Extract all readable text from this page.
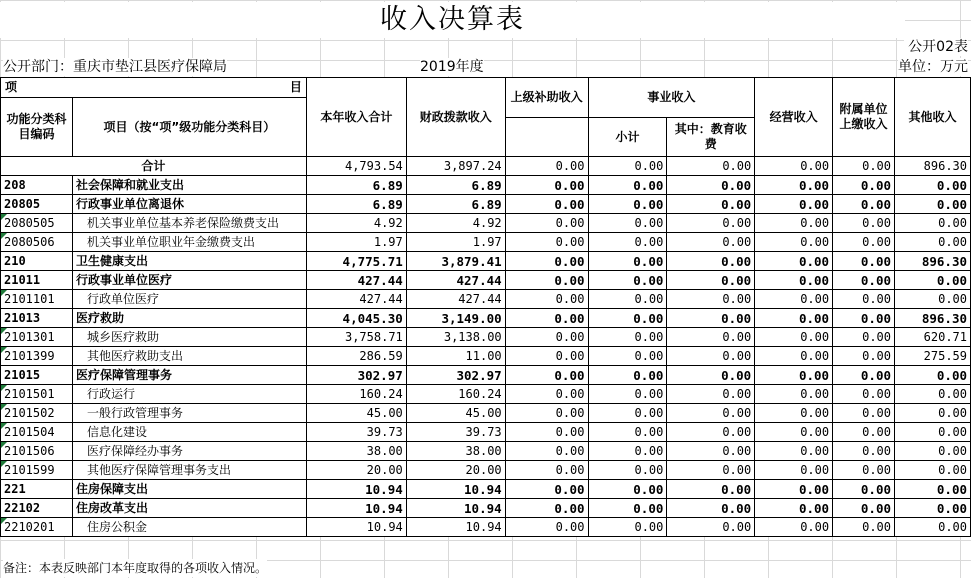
收入决算表
公开02表
公开部门：重庆市垫江县医疗保障局	2019年度	单位：万元
项 目		本年收入合计	财政拨款收入	上级补助收入	事业收入		经营收入	附属单位上缴收入	其他收入
功能分类科目编码	项目（按“项”级功能分类科目）								
					小计	其中：教育收费			
合计		4,793.54	3,897.24	0.00	0.00	0.00	0.00	0.00	896.30
208	社会保障和就业支出	6.89	6.89	0.00	0.00	0.00	0.00	0.00	0.00
20805	行政事业单位离退休	6.89	6.89	0.00	0.00	0.00	0.00	0.00	0.00
2080505	机关事业单位基本养老保险缴费支出	4.92	4.92	0.00	0.00	0.00	0.00	0.00	0.00
2080506	机关事业单位职业年金缴费支出	1.97	1.97	0.00	0.00	0.00	0.00	0.00	0.00
210	卫生健康支出	4,775.71	3,879.41	0.00	0.00	0.00	0.00	0.00	896.30
21011	行政事业单位医疗	427.44	427.44	0.00	0.00	0.00	0.00	0.00	0.00
2101101	行政单位医疗	427.44	427.44	0.00	0.00	0.00	0.00	0.00	0.00
21013	医疗救助	4,045.30	3,149.00	0.00	0.00	0.00	0.00	0.00	896.30
2101301	城乡医疗救助	3,758.71	3,138.00	0.00	0.00	0.00	0.00	0.00	620.71
2101399	其他医疗救助支出	286.59	11.00	0.00	0.00	0.00	0.00	0.00	275.59
21015	医疗保障管理事务	302.97	302.97	0.00	0.00	0.00	0.00	0.00	0.00
2101501	行政运行	160.24	160.24	0.00	0.00	0.00	0.00	0.00	0.00
2101502	一般行政管理事务	45.00	45.00	0.00	0.00	0.00	0.00	0.00	0.00
2101504	信息化建设	39.73	39.73	0.00	0.00	0.00	0.00	0.00	0.00
2101506	医疗保障经办事务	38.00	38.00	0.00	0.00	0.00	0.00	0.00	0.00
2101599	其他医疗保障管理事务支出	20.00	20.00	0.00	0.00	0.00	0.00	0.00	0.00
221	住房保障支出	10.94	10.94	0.00	0.00	0.00	0.00	0.00	0.00
22102	住房改革支出	10.94	10.94	0.00	0.00	0.00	0.00	0.00	0.00
2210201	住房公积金	10.94	10.94	0.00	0.00	0.00	0.00	0.00	0.00
备注：本表反映部门本年度取得的各项收入情况。
